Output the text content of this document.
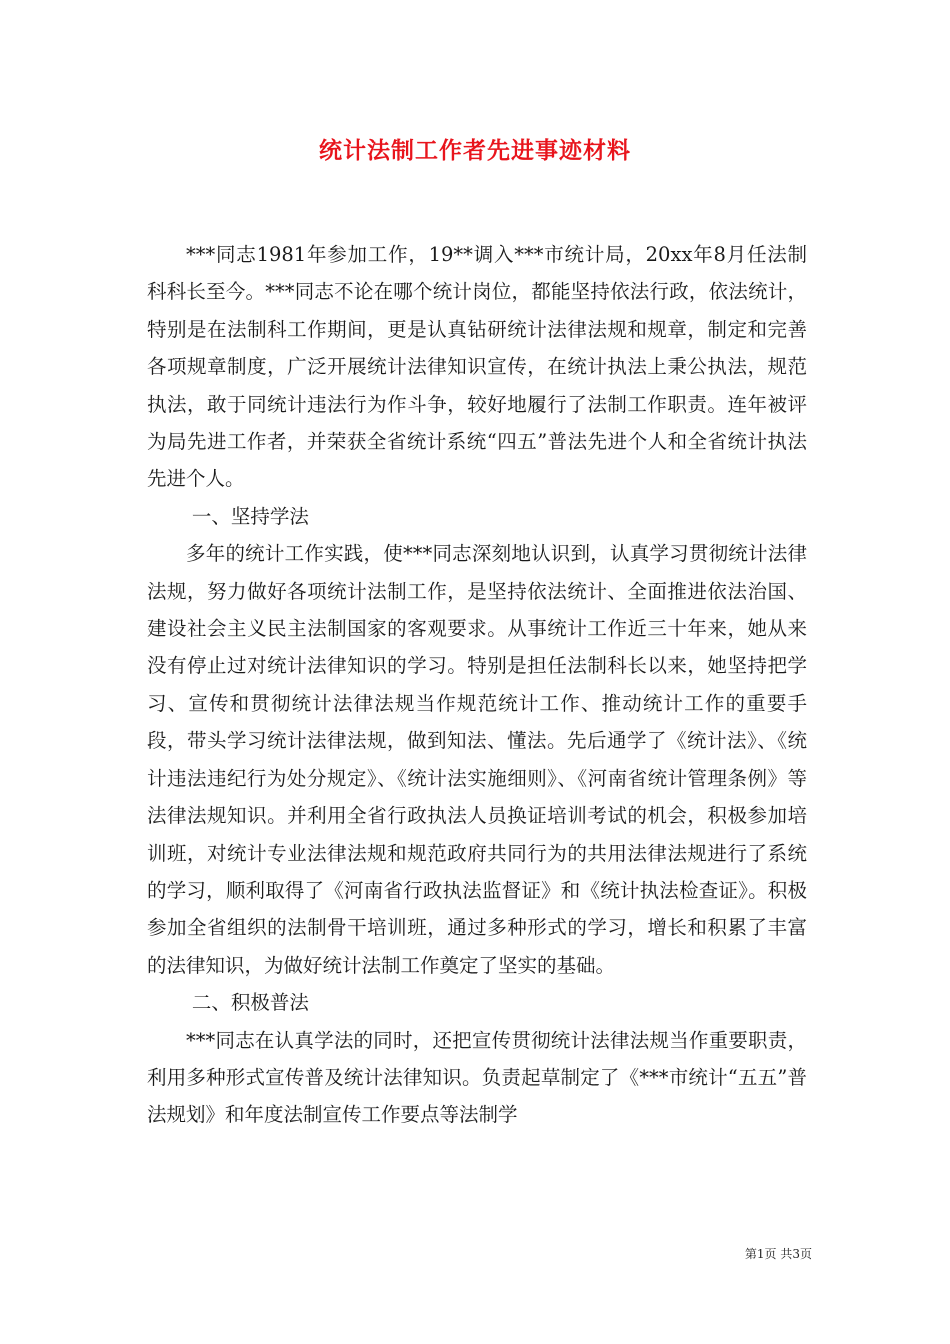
统计法制工作者先进事迹材料

***同志1981年参加工作，19**调入***市统计局，20xx年8月任法制科科长至今。***同志不论在哪个统计岗位，都能坚持依法行政，依法统计，特别是在法制科工作期间，更是认真钻研统计法律法规和规章，制定和完善各项规章制度，广泛开展统计法律知识宣传，在统计执法上秉公执法，规范执法，敢于同统计违法行为作斗争，较好地履行了法制工作职责。连年被评为局先进工作者，并荣获全省统计系统“四五”普法先进个人和全省统计执法先进个人。

一、坚持学法

多年的统计工作实践，使***同志深刻地认识到，认真学习贯彻统计法律法规，努力做好各项统计法制工作，是坚持依法统计、全面推进依法治国、建设社会主义民主法制国家的客观要求。从事统计工作近三十年来，她从来没有停止过对统计法律知识的学习。特别是担任法制科长以来，她坚持把学习、宣传和贯彻统计法律法规当作规范统计工作、推动统计工作的重要手段，带头学习统计法律法规，做到知法、懂法。先后通学了《统计法》、《统计违法违纪行为处分规定》、《统计法实施细则》、《河南省统计管理条例》等法律法规知识。并利用全省行政执法人员换证培训考试的机会，积极参加培训班，对统计专业法律法规和规范政府共同行为的共用法律法规进行了系统的学习，顺利取得了《河南省行政执法监督证》和《统计执法检查证》。积极参加全省组织的法制骨干培训班，通过多种形式的学习，增长和积累了丰富的法律知识，为做好统计法制工作奠定了坚实的基础。

二、积极普法

***同志在认真学法的同时，还把宣传贯彻统计法律法规当作重要职责，利用多种形式宣传普及统计法律知识。负责起草制定了《***市统计“五五”普法规划》和年度法制宣传工作要点等法制学

第1页 共3页
